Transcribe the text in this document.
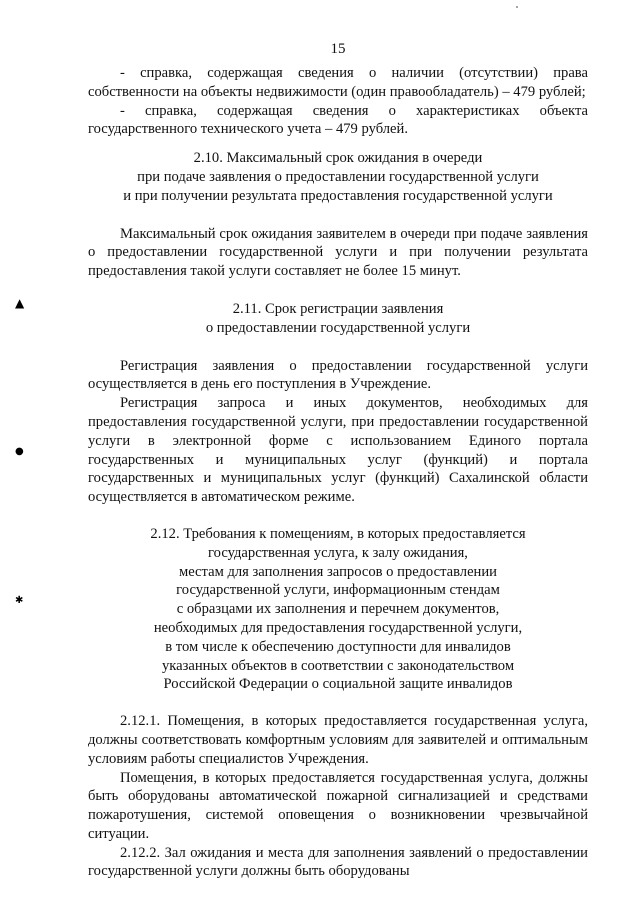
▲
●
✱
15

- справка, содержащая сведения о наличии (отсутствии) права собственности на объекты недвижимости (один правообладатель) – 479 рублей;

- справка, содержащая сведения о характеристиках объекта государственного технического учета – 479 рублей.

2.10. Максимальный срок ожидания в очереди
при подаче заявления о предоставлении государственной услуги
и при получении результата предоставления государственной услуги

Максимальный срок ожидания заявителем в очереди при подаче заявления о предоставлении государственной услуги и при получении результата предоставления такой услуги составляет не более 15 минут.

2.11. Срок регистрации заявления
о предоставлении государственной услуги

Регистрация заявления о предоставлении государственной услуги осуществляется в день его поступления в Учреждение.

Регистрация запроса и иных документов, необходимых для предоставления государственной услуги, при предоставлении государственной услуги в электронной форме с использованием Единого портала государственных и муниципальных услуг (функций) и портала государственных и муниципальных услуг (функций) Сахалинской области осуществляется в автоматическом режиме.

2.12. Требования к помещениям, в которых предоставляется
государственная услуга, к залу ожидания,
местам для заполнения запросов о предоставлении
государственной услуги, информационным стендам
с образцами их заполнения и перечнем документов,
необходимых для предоставления государственной услуги,
в том числе к обеспечению доступности для инвалидов
указанных объектов в соответствии с законодательством
Российской Федерации о социальной защите инвалидов

2.12.1. Помещения, в которых предоставляется государственная услуга, должны соответствовать комфортным условиям для заявителей и оптимальным условиям работы специалистов Учреждения.

Помещения, в которых предоставляется государственная услуга, должны быть оборудованы автоматической пожарной сигнализацией и средствами пожаротушения, системой оповещения о возникновении чрезвычайной ситуации.

2.12.2. Зал ожидания и места для заполнения заявлений о предоставлении государственной услуги должны быть оборудованы
